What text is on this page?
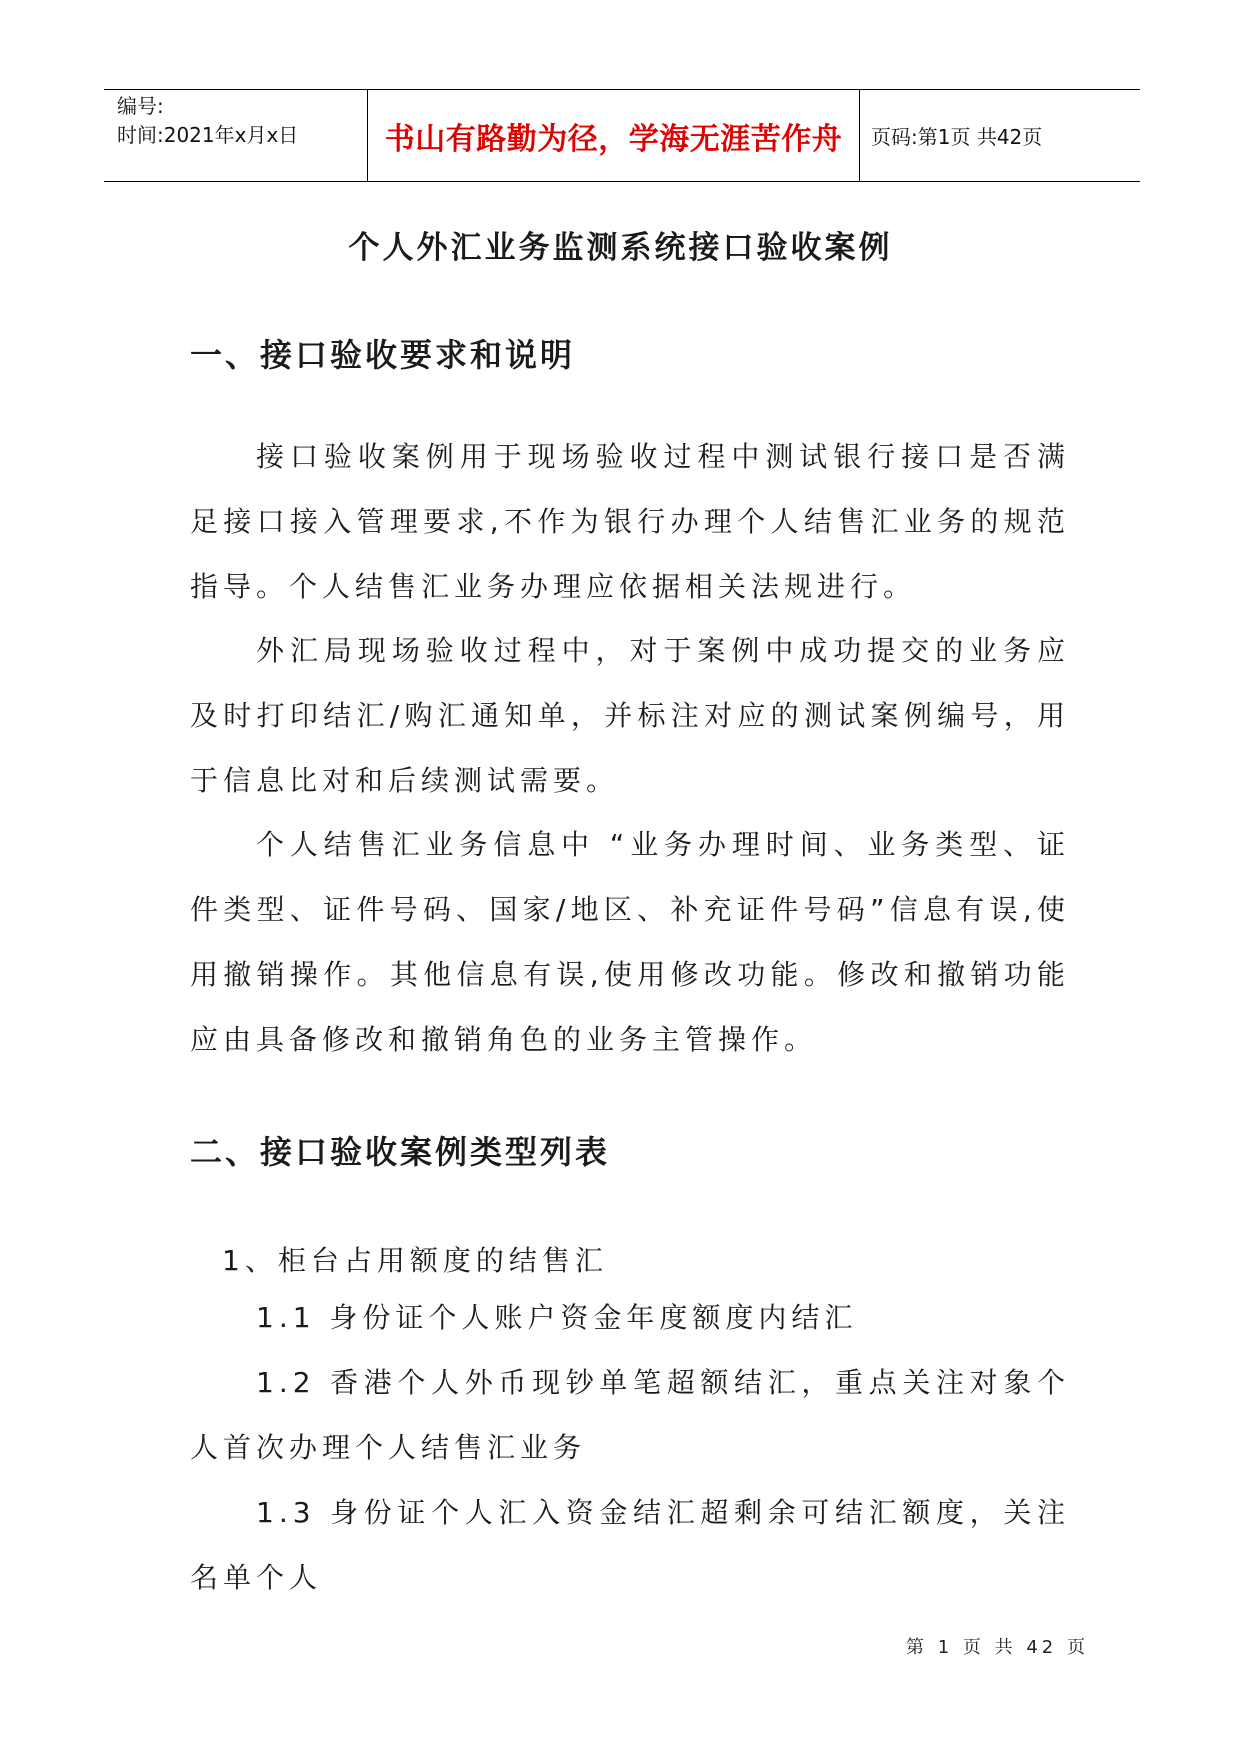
编号:
时间:2021年x月x日	书山有路勤为径，学海无涯苦作舟	页码:第1页 共42页
个人外汇业务监测系统接口验收案例
一、接口验收要求和说明

接口验收案例用于现场验收过程中测试银行接口是否满足接口接入管理要求,不作为银行办理个人结售汇业务的规范指导。个人结售汇业务办理应依据相关法规进行。

外汇局现场验收过程中，对于案例中成功提交的业务应及时打印结汇/购汇通知单，并标注对应的测试案例编号，用于信息比对和后续测试需要。

个人结售汇业务信息中 “业务办理时间、业务类型、证件类型、证件号码、国家/地区、补充证件号码”信息有误,使用撤销操作。其他信息有误,使用修改功能。修改和撤销功能应由具备修改和撤销角色的业务主管操作。

二、接口验收案例类型列表
1、柜台占用额度的结售汇

1.1 身份证个人账户资金年度额度内结汇

1.2 香港个人外币现钞单笔超额结汇，重点关注对象个人首次办理个人结售汇业务

1.3 身份证个人汇入资金结汇超剩余可结汇额度，关注名单个人

第 1 页 共 42 页
